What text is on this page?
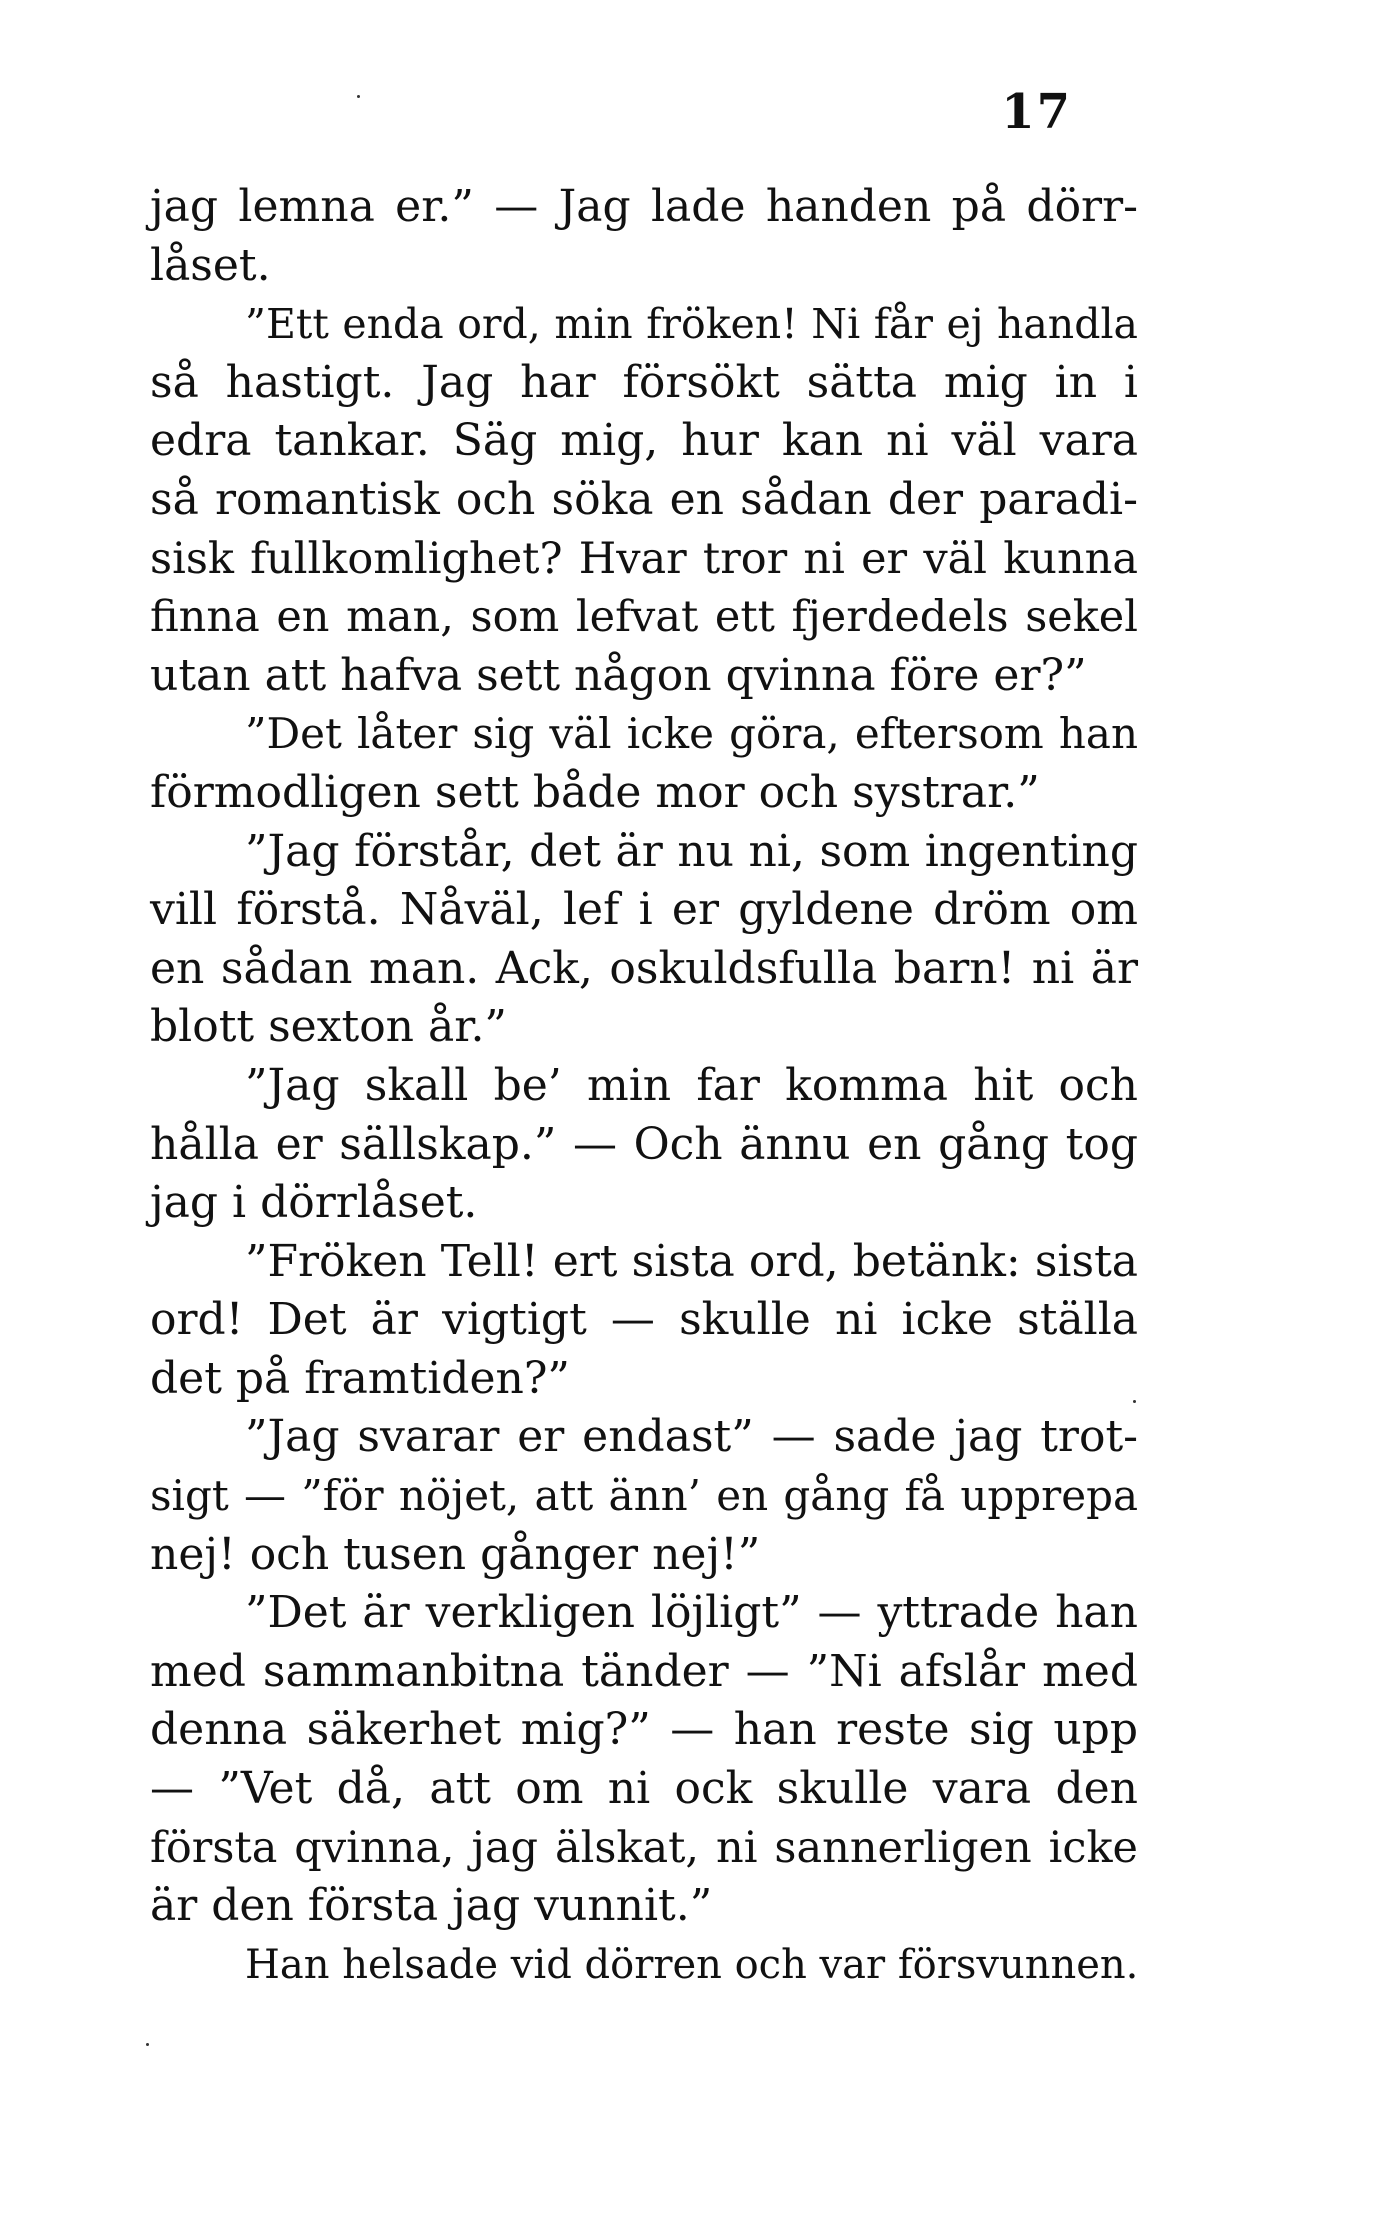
17
jag lemna er.” — Jag lade handen på dörr-
låset.
”Ett enda ord, min fröken! Ni får ej handla
så hastigt. Jag har försökt sätta mig in i
edra tankar. Säg mig, hur kan ni väl vara
så romantisk och söka en sådan der paradi-
sisk fullkomlighet? Hvar tror ni er väl kunna
finna en man, som lefvat ett fjerdedels sekel
utan att hafva sett någon qvinna före er?”
”Det låter sig väl icke göra, eftersom han
förmodligen sett både mor och systrar.”
”Jag förstår, det är nu ni, som ingenting
vill förstå. Nåväl, lef i er gyldene dröm om
en sådan man. Ack, oskuldsfulla barn! ni är
blott sexton år.”
”Jag skall be’ min far komma hit och
hålla er sällskap.” — Och ännu en gång tog
jag i dörrlåset.
”Fröken Tell! ert sista ord, betänk: sista
ord! Det är vigtigt — skulle ni icke ställa
det på framtiden?”
”Jag svarar er endast” — sade jag trot-
sigt — ”för nöjet, att änn’ en gång få upprepa
nej! och tusen gånger nej!”
”Det är verkligen löjligt” — yttrade han
med sammanbitna tänder — ”Ni afslår med
denna säkerhet mig?” — han reste sig upp
— ”Vet då, att om ni ock skulle vara den
första qvinna, jag älskat, ni sannerligen icke
är den första jag vunnit.”
Han helsade vid dörren och var försvunnen.
